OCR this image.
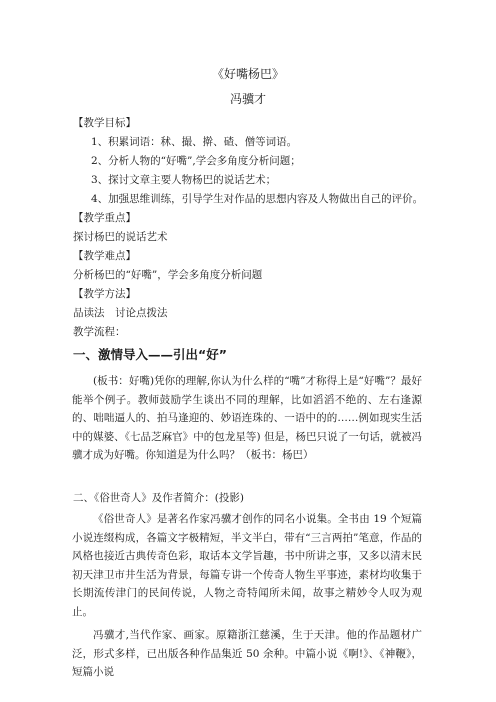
《好嘴杨巴》
冯骥才
【教学目标】
1、积累词语：秫、撮、擀、碴、僧等词语。
2、分析人物的“好嘴”,学会多角度分析问题；
3、探讨文章主要人物杨巴的说话艺术；
4、加强思维训练，引导学生对作品的思想内容及人物做出自己的评价。
【教学重点】
探讨杨巴的说话艺术
【教学难点】
分析杨巴的“好嘴”，学会多角度分析问题
【教学方法】
品读法　讨论点拨法
教学流程：
一、激情导入——引出“好”
(板书：好嘴)凭你的理解,你认为什么样的“嘴”才称得上是“好嘴”？最好能举个例子。教师鼓励学生谈出不同的理解，比如滔滔不绝的、左右逢源的、咄咄逼人的、拍马逢迎的、妙语连珠的、一语中的的……例如现实生活中的媒婆、《七品芝麻官》中的包龙星等) 但是，杨巴只说了一句话，就被冯骥才成为好嘴。你知道是为什么吗？（板书：杨巴）
二、《俗世奇人》及作者简介：(投影)
《俗世奇人》是著名作家冯骥才创作的同名小说集。全书由 19 个短篇小说连缀构成，各篇文字极精短，半文半白，带有“三言两拍”笔意，作品的风格也接近古典传奇色彩，取话本文学旨趣，书中所讲之事，又多以清末民初天津卫市井生活为背景，每篇专讲一个传奇人物生平事迹，素材均收集于长期流传津门的民间传说，人物之奇特闻所未闻，故事之精妙令人叹为观止。
冯骥才,当代作家、画家。原籍浙江慈溪，生于天津。他的作品题材广泛，形式多样，已出版各种作品集近 50 余种。中篇小说《啊!》、《神鞭》，短篇小说
